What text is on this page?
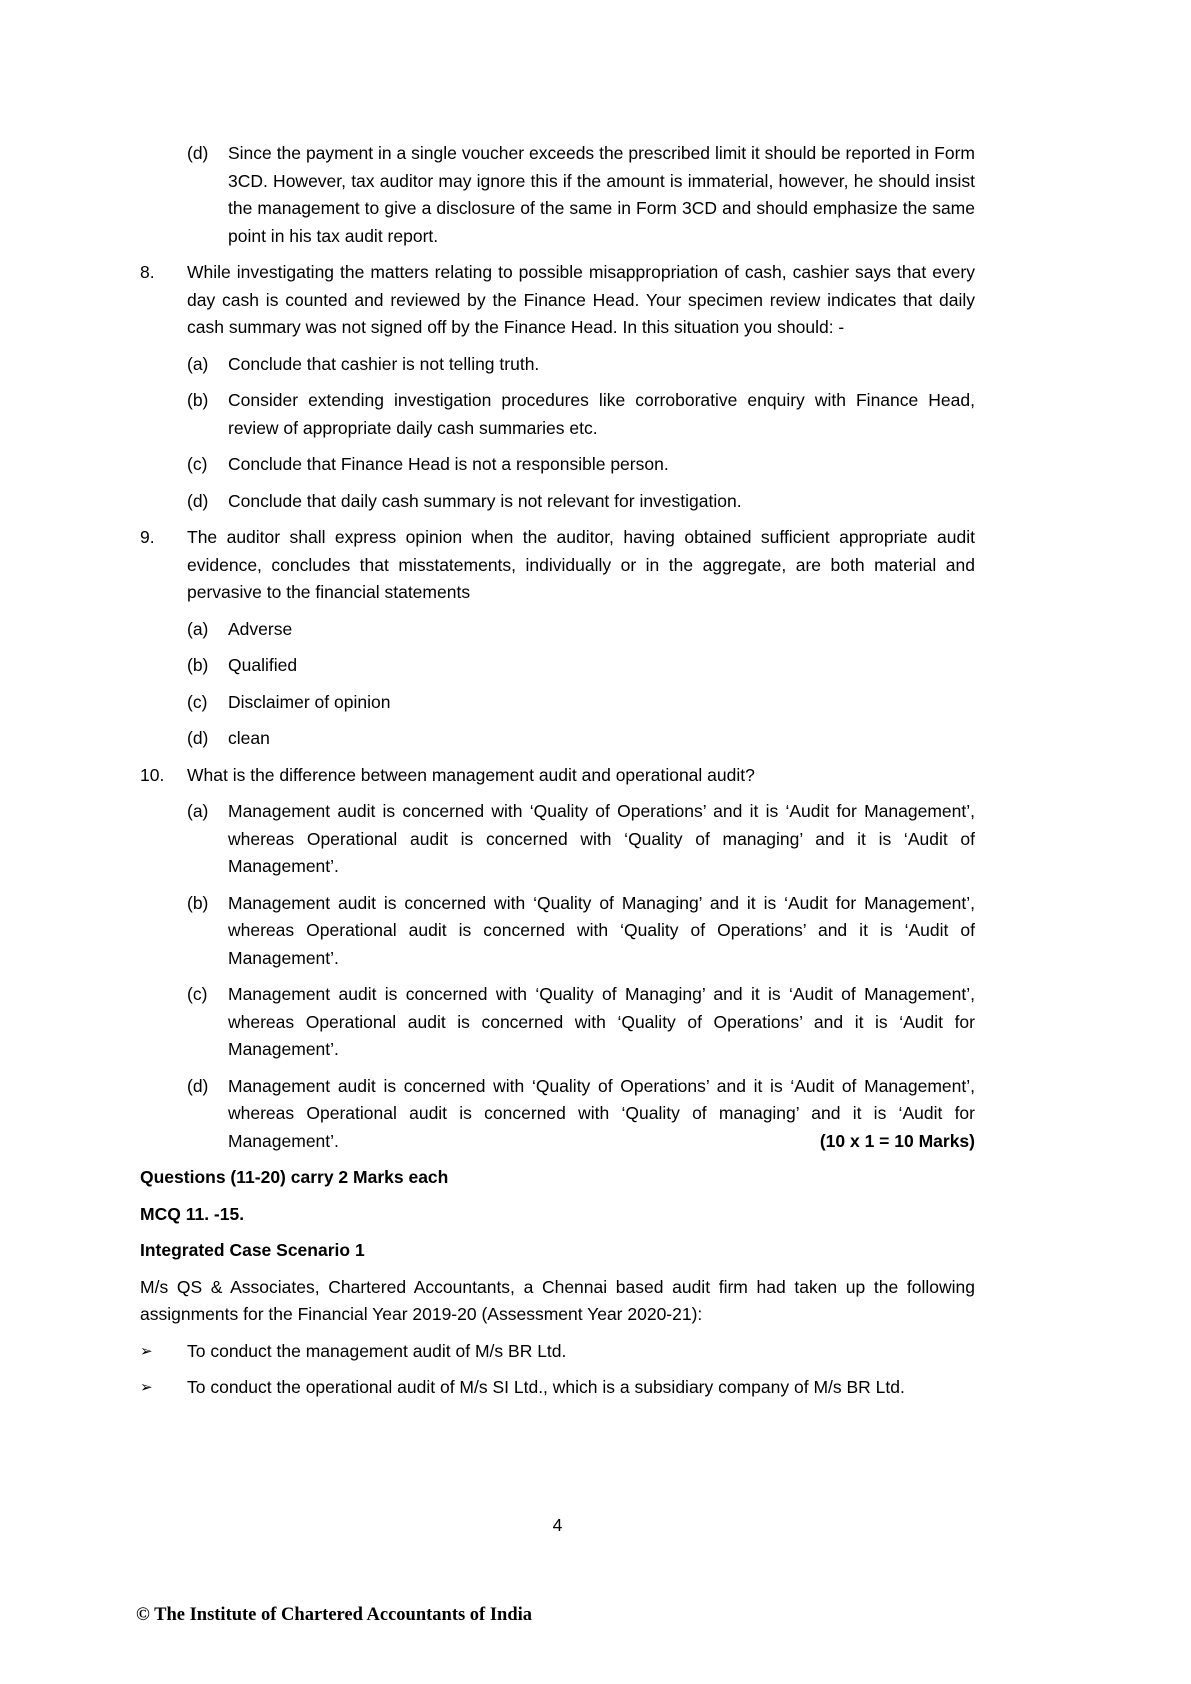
(d)	Since the payment in a single voucher exceeds the prescribed limit it should be reported in Form 3CD. However, tax auditor may ignore this if the amount is immaterial, however, he should insist the management to give a disclosure of the same in Form 3CD and should emphasize the same point in his tax audit report.
8.	While investigating the matters relating to possible misappropriation of cash, cashier says that every day cash is counted and reviewed by the Finance Head. Your specimen review indicates that daily cash summary was not signed off by the Finance Head. In this situation you should: -
(a)	Conclude that cashier is not telling truth.
(b)	Consider extending investigation procedures like corroborative enquiry with Finance Head, review of appropriate daily cash summaries etc.
(c)	Conclude that Finance Head is not a responsible person.
(d)	Conclude that daily cash summary is not relevant for investigation.
9.	The auditor shall express opinion when the auditor, having obtained sufficient appropriate audit evidence, concludes that misstatements, individually or in the aggregate, are both material and pervasive to the financial statements
(a)	Adverse
(b)	Qualified
(c)	Disclaimer of opinion
(d)	clean
10.	What is the difference between management audit and operational audit?
(a)	Management audit is concerned with ‘Quality of Operations’ and it is ‘Audit for Management’, whereas Operational audit is concerned with ‘Quality of managing’ and it is ‘Audit of Management’.
(b)	Management audit is concerned with ‘Quality of Managing’ and it is ‘Audit for Management’, whereas Operational audit is concerned with ‘Quality of Operations’ and it is ‘Audit of Management’.
(c)	Management audit is concerned with ‘Quality of Managing’ and it is ‘Audit of Management’, whereas Operational audit is concerned with ‘Quality of Operations’ and it is ‘Audit for Management’.
(d)	Management audit is concerned with ‘Quality of Operations’ and it is ‘Audit of Management’, whereas Operational audit is concerned with ‘Quality of managing’ and it is ‘Audit for Management’.	(10 x 1 = 10 Marks)
Questions (11-20) carry 2 Marks each
MCQ 11. -15.
Integrated Case Scenario 1
M/s QS & Associates, Chartered Accountants, a Chennai based audit firm had taken up the following assignments for the Financial Year 2019-20 (Assessment Year 2020-21):
➢	To conduct the management audit of M/s BR Ltd.
➢	To conduct the operational audit of M/s SI Ltd., which is a subsidiary company of M/s BR Ltd.
4
© The Institute of Chartered Accountants of India
